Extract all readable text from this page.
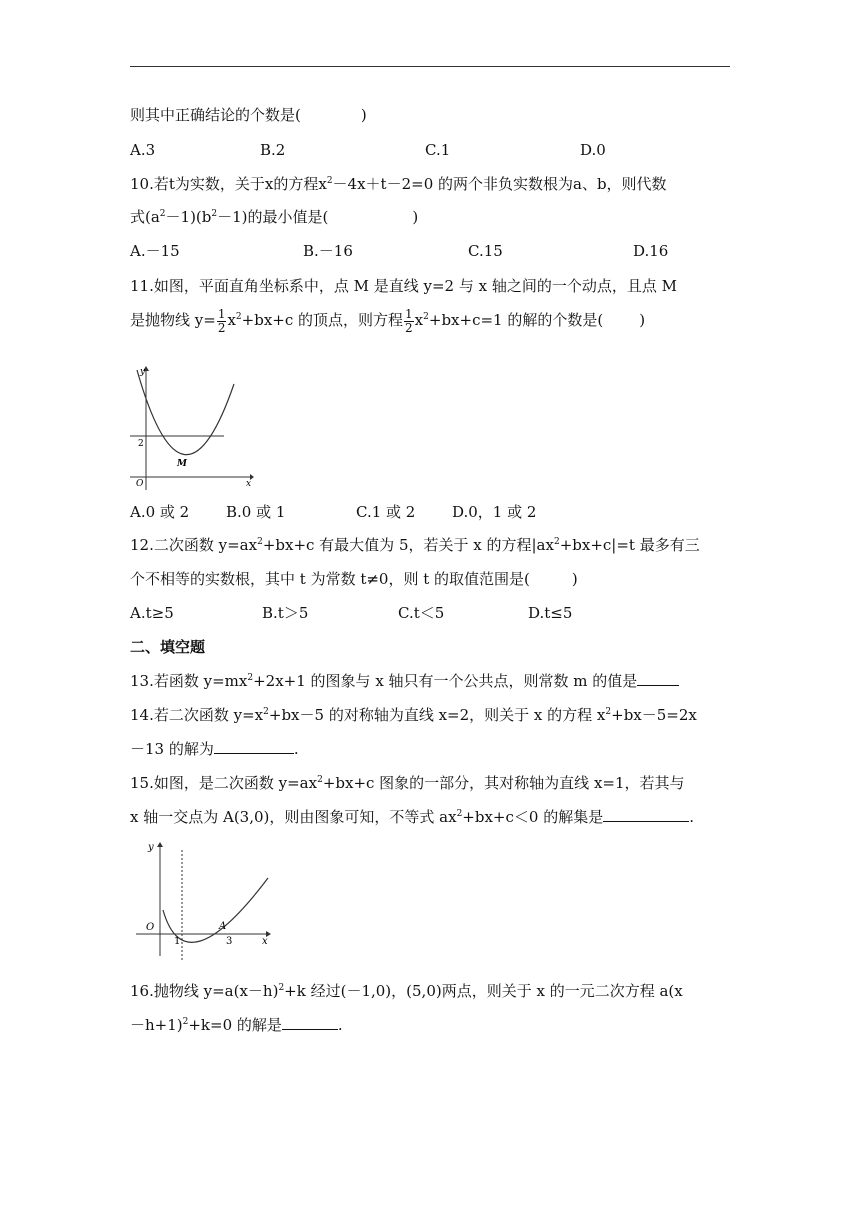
则其中正确结论的个数是(	)
A.3	B.2	C.1	D.0
10.若t为实数，关于x的方程$x^2-4x+t-2=0$ 的两个非负实数根为a、b，则代数
式$(a^2-1)(b^2-1)$的最小值是(	)
A.－15	B.－16	C.15	D.16
11.如图，平面直角坐标系中，点 M 是直线 y=2 与 x 轴之间的一个动点，且点 M
是抛物线 $y= \frac{1}{2} x^2+bx+c$ 的顶点，则方程 $\frac{1}{2} x^2+bx+c=1$ 的解的个数是( )
y
x
O
2
M
A.0 或 2 B.0 或 1	C.1 或 2 D.0，1 或 2
12.二次函数 $y=ax^2+bx+c$ 有最大值为 5，若关于 x 的方程$|ax^2+bx+c|=t$ 最多有三
个不相等的实数根，其中 t 为常数 t≠0，则 t 的取值范围是(	)
A.t≥5	B.t＞5	C.t＜5	D.t≤5
二、填空题
13.若函数 $y=mx^2+2x+1$ 的图象与 x 轴只有一个公共点，则常数 m 的值是
14.若二次函数 $y=x^2+bx-5$ 的对称轴为直线 x=2，则关于 x 的方程 $x^2+bx-5=2x$
－13 的解为	.
15.如图，是二次函数 $y=ax^2+bx+c$ 图象的一部分，其对称轴为直线 x=1，若其与
x 轴一交点为 A(3,0)，则由图象可知，不等式 $ax^2+bx+c<0$ 的解集是	.
y
x
O
1	3
A
16.抛物线 $y=a(x-h)^2+k$ 经过(－1,0)，(5,0)两点，则关于 x 的一元二次方程 a(x
－h+1)$^2$+k=0 的解是	.
